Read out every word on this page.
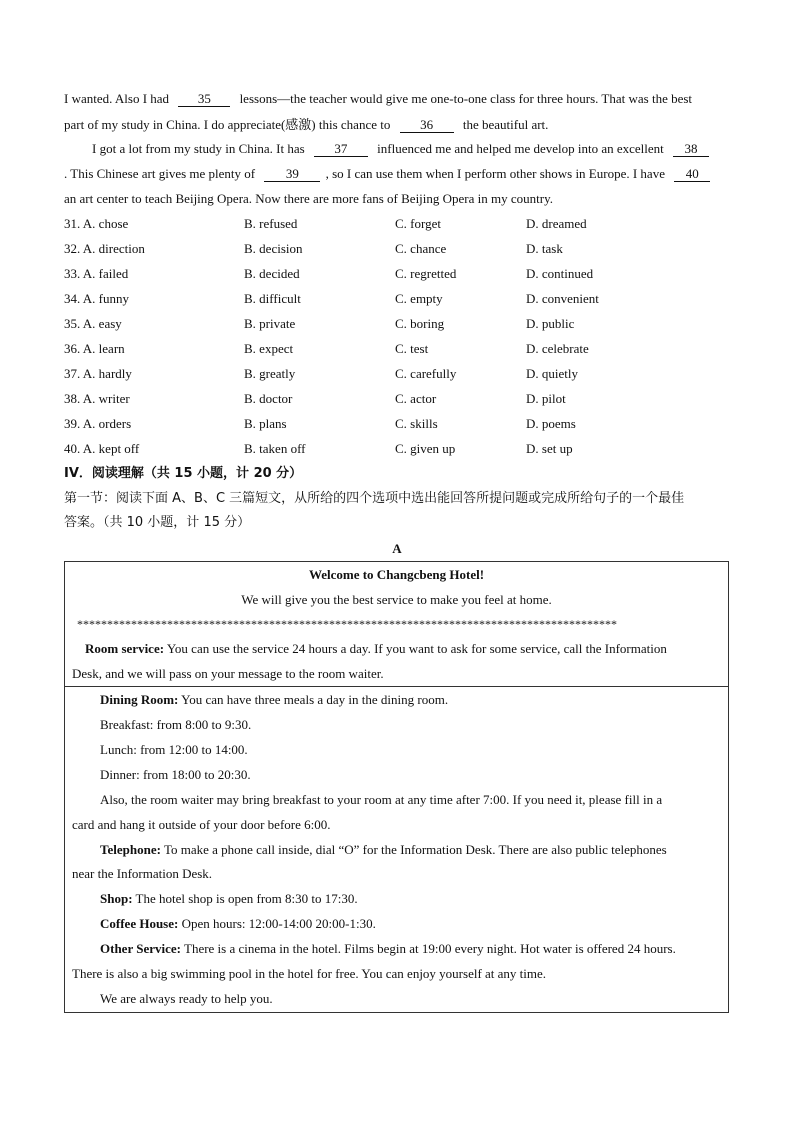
I wanted. Also I had 35 lessons—the teacher would give me one-to-one class for three hours. That was the best
part of my study in China. I do appreciate(感激) this chance to 36 the beautiful art.
I got a lot from my study in China. It has 37 influenced me and helped me develop into an excellent 38
. This Chinese art gives me plenty of 39 , so I can use them when I perform other shows in Europe. I have 40
an art center to teach Beijing Opera. Now there are more fans of Beijing Opera in my country.
31. A. chose	B. refused	C. forget	D. dreamed
32. A. direction	B. decision	C. chance	D. task
33. A. failed	B. decided	C. regretted	D. continued
34. A. funny	B. difficult	C. empty	D. convenient
35. A. easy	B. private	C. boring	D. public
36. A. learn	B. expect	C. test	D. celebrate
37. A. hardly	B. greatly	C. carefully	D. quietly
38. A. writer	B. doctor	C. actor	D. pilot
39. A. orders	B. plans	C. skills	D. poems
40. A. kept off	B. taken off	C. given up	D. set up
IV．阅读理解（共 15 小题，计 20 分）
第一节：阅读下面 A、B、C 三篇短文，从所给的四个选项中选出能回答所提问题或完成所给句子的一个最佳
答案。（共 10 小题，计 15 分）
A
Welcome to Changcbeng Hotel!
We will give you the best service to make you feel at home.
******************************************************************************************
Room service: You can use the service 24 hours a day. If you want to ask for some service, call the Information
Desk, and we will pass on your message to the room waiter.
Dining Room: You can have three meals a day in the dining room.
Breakfast: from 8:00 to 9:30.
Lunch: from 12:00 to 14:00.
Dinner: from 18:00 to 20:30.
Also, the room waiter may bring breakfast to your room at any time after 7:00. If you need it, please fill in a
card and hang it outside of your door before 6:00.
Telephone: To make a phone call inside, dial “O” for the Information Desk. There are also public telephones
near the Information Desk.
Shop: The hotel shop is open from 8:30 to 17:30.
Coffee House: Open hours: 12:00-14:00 20:00-1:30.
Other Service: There is a cinema in the hotel. Films begin at 19:00 every night. Hot water is offered 24 hours.
There is also a big swimming pool in the hotel for free. You can enjoy yourself at any time.
We are always ready to help you.
